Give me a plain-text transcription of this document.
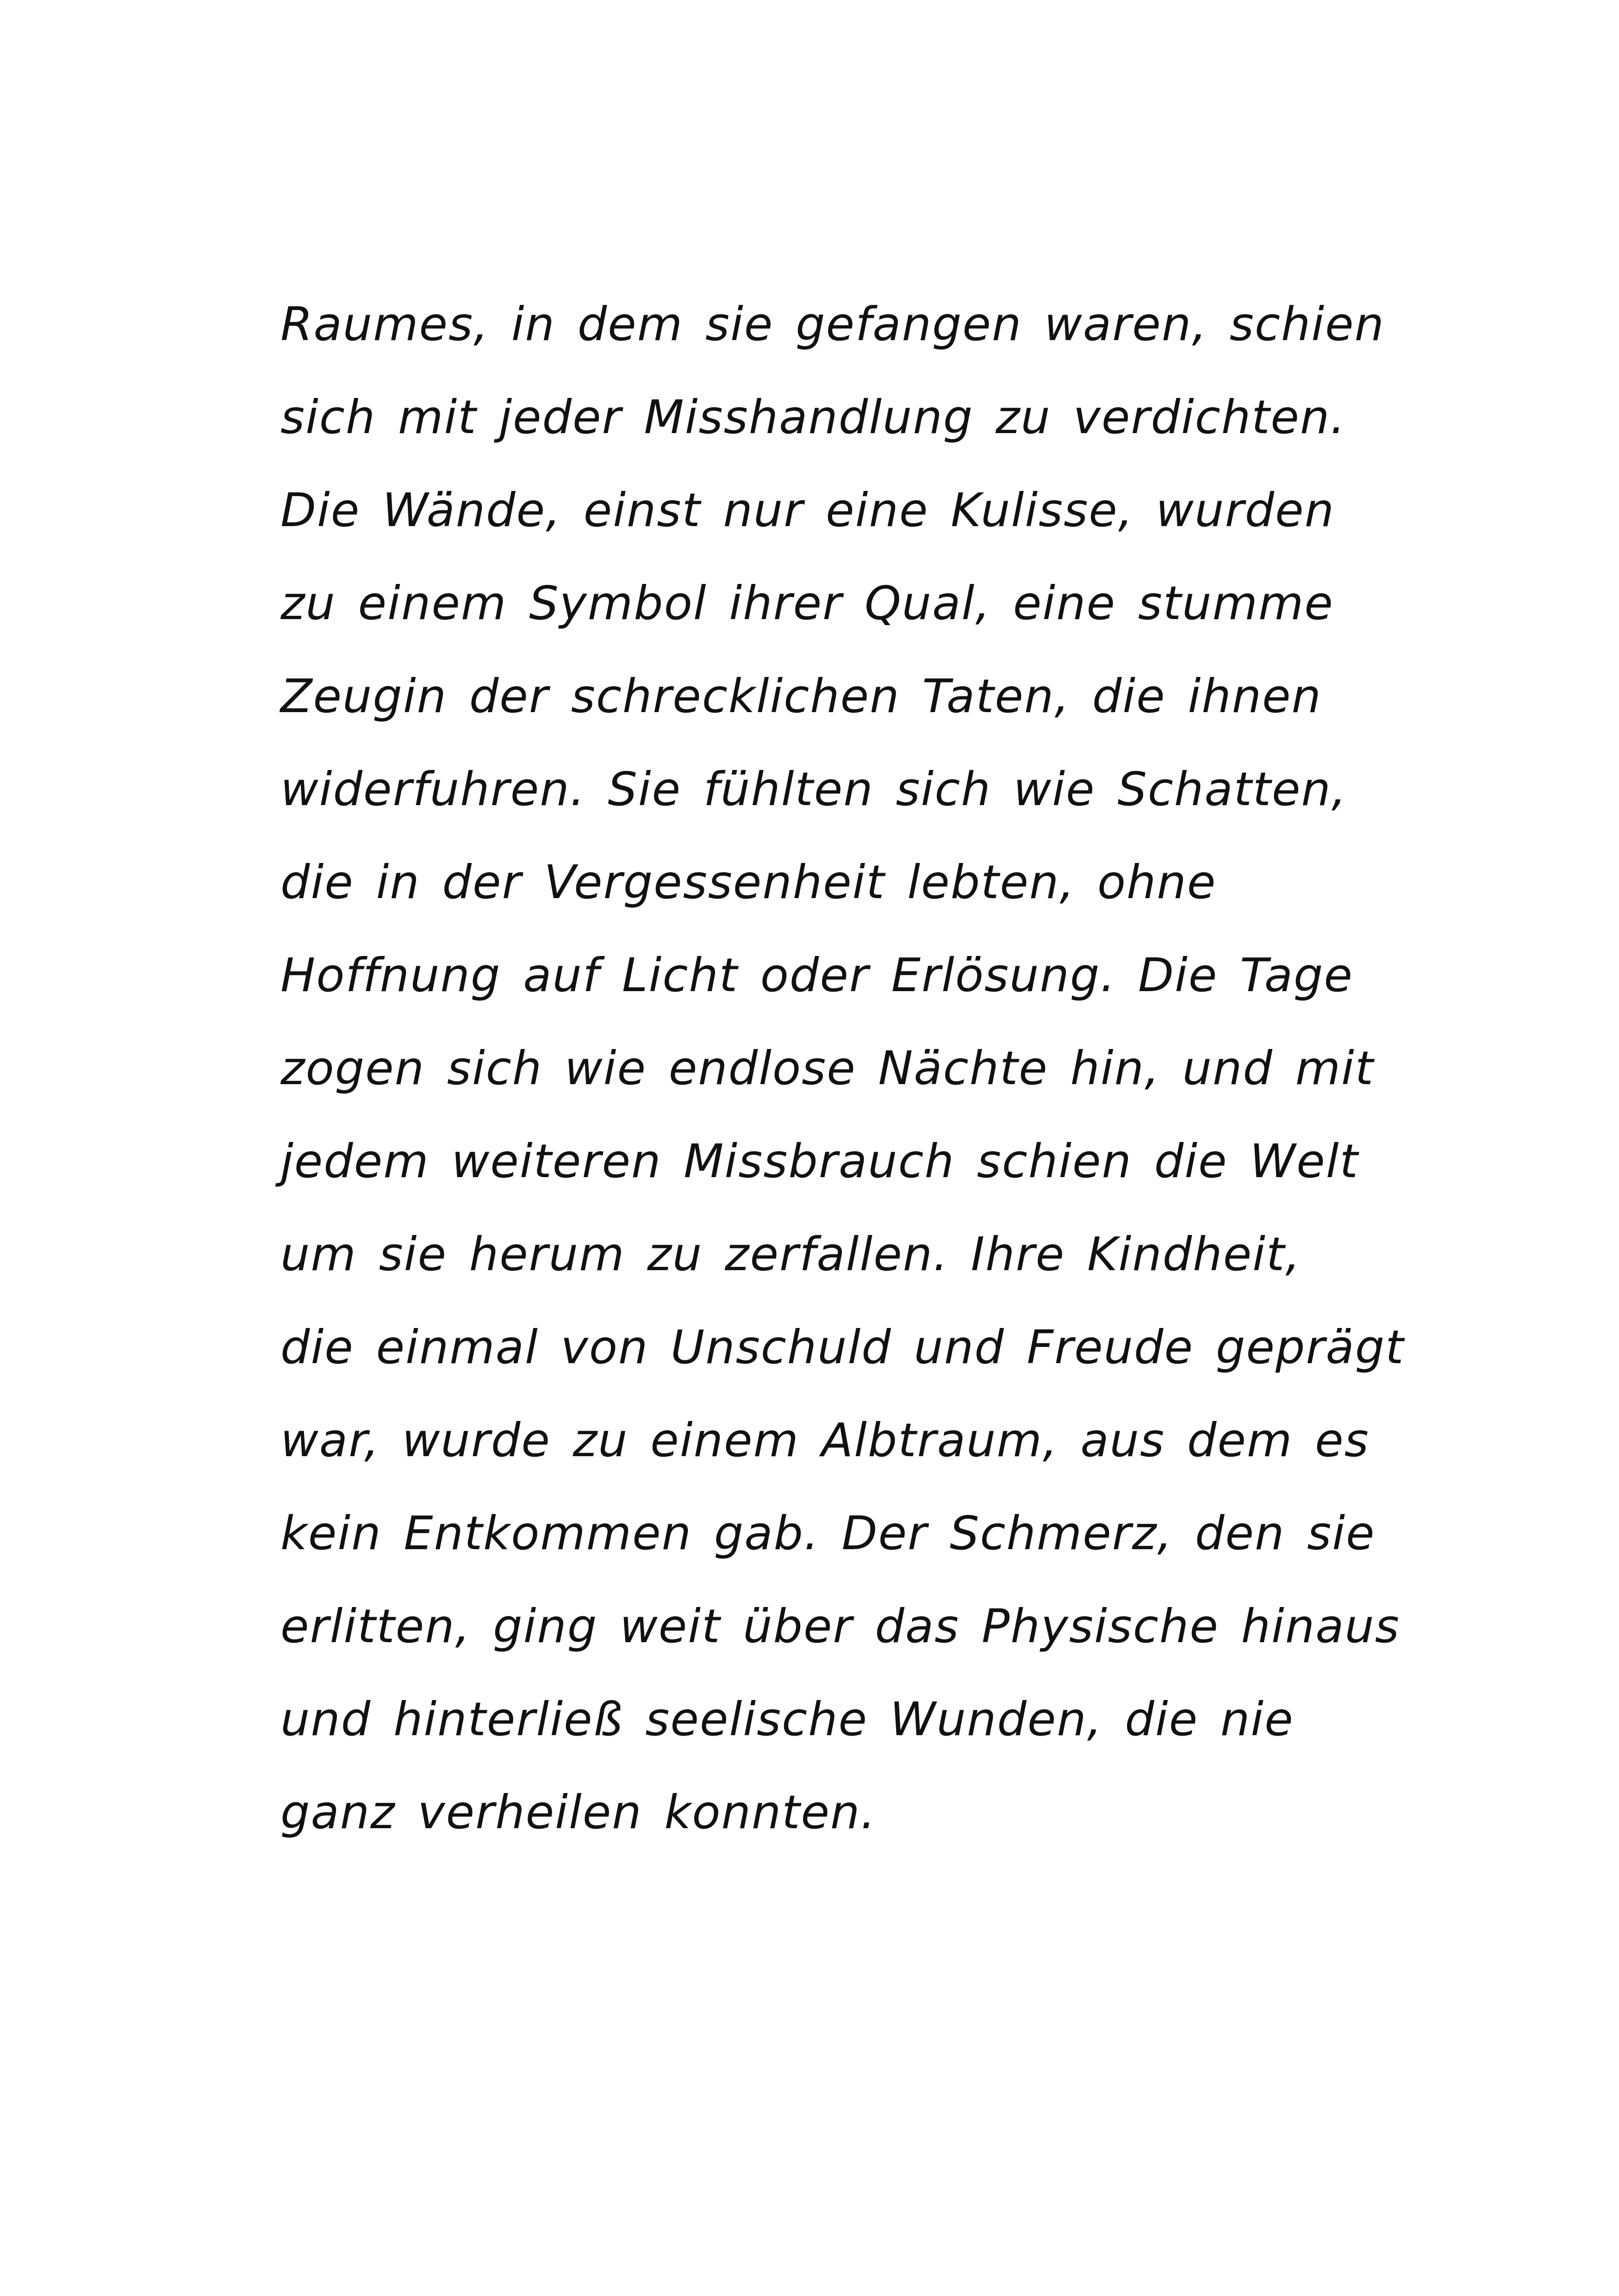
Raumes, in dem sie gefangen waren, schien
sich mit jeder Misshandlung zu verdichten.
Die Wände, einst nur eine Kulisse, wurden
zu einem Symbol ihrer Qual, eine stumme
Zeugin der schrecklichen Taten, die ihnen
widerfuhren. Sie fühlten sich wie Schatten,
die in der Vergessenheit lebten, ohne
Hoffnung auf Licht oder Erlösung. Die Tage
zogen sich wie endlose Nächte hin, und mit
jedem weiteren Missbrauch schien die Welt
um sie herum zu zerfallen. Ihre Kindheit,
die einmal von Unschuld und Freude geprägt
war, wurde zu einem Albtraum, aus dem es
kein Entkommen gab. Der Schmerz, den sie
erlitten, ging weit über das Physische hinaus
und hinterließ seelische Wunden, die nie
ganz verheilen konnten.
